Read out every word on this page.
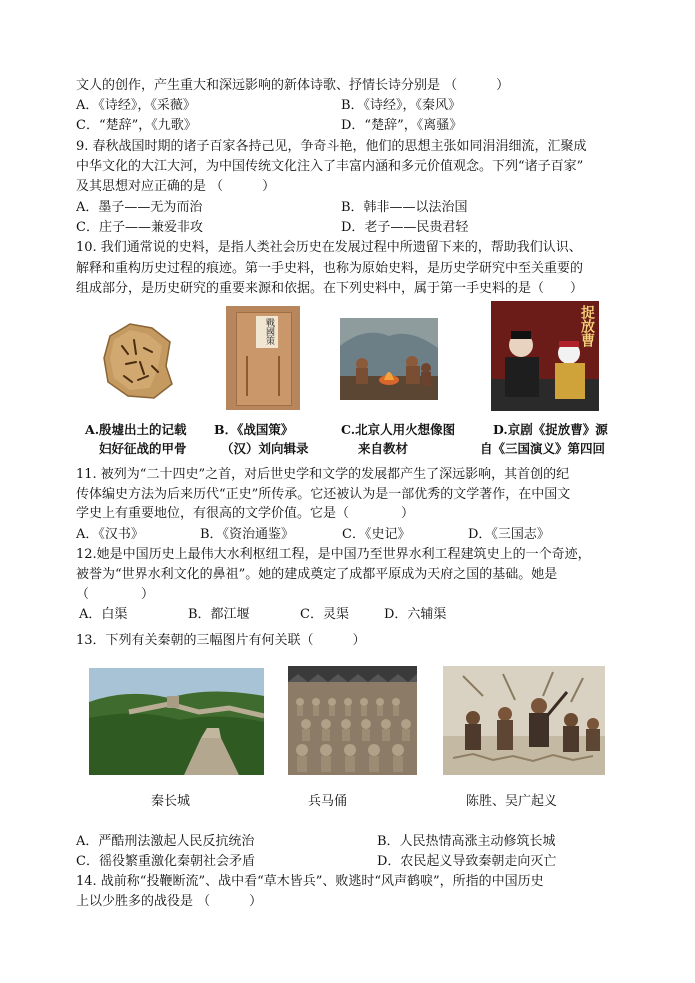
文人的创作，产生重大和深远影响的新体诗歌、抒情长诗分别是 （　　　）
A．《诗经》，《采薇》	B．《诗经》，《秦风》
C．“楚辞”，《九歌》	D．“楚辞”，《离骚》
9. 春秋战国时期的诸子百家各持己见，争奇斗艳，他们的思想主张如同涓涓细流，汇聚成
中华文化的大江大河，为中国传统文化注入了丰富内涵和多元价值观念。下列“诸子百家”
及其思想对应正确的是 （　　　）
A．墨子——无为而治	B．韩非——以法治国
C．庄子——兼爱非攻	D．老子——民贵君轻
10. 我们通常说的史料，是指人类社会历史在发展过程中所遗留下来的，帮助我们认识、
解释和重构历史过程的痕迹。第一手史料，也称为原始史料，是历史学研究中至关重要的
组成部分，是历史研究的重要来源和依据。在下列史料中，属于第一手史料的是（　　）
戰國策	捉放曹
A.殷墟出土的记载
妇好征战的甲骨
B．《战国策》
（汉）刘向辑录
C.北京人用火想像图
来自教材
D.京剧《捉放曹》源
自《三国演义》第四回
11. 被列为“二十四史”之首，对后世史学和文学的发展都产生了深远影响，其首创的纪
传体编史方法为后来历代“正史”所传承。它还被认为是一部优秀的文学著作，在中国文
学史上有重要地位，有很高的文学价值。它是（　　　　）
A．《汉书》	B．《资治通鉴》	C．《史记》	D．《三国志》
12.她是中国历史上最伟大水利枢纽工程，是中国乃至世界水利工程建筑史上的一个奇迹，
被誉为“世界水利文化的鼻祖”。她的建成奠定了成都平原成为天府之国的基础。她是
（　　　　）
A．白渠	B．都江堰	C．灵渠	D．六辅渠
13．下列有关秦朝的三幅图片有何关联（　　　）
秦长城	兵马俑	陈胜、吴广起义
A．严酷刑法激起人民反抗统治	B．人民热情高涨主动修筑长城
C．徭役繁重激化秦朝社会矛盾	D．农民起义导致秦朝走向灭亡
14. 战前称“投鞭断流”、战中看“草木皆兵”、败逃时“风声鹤唳”，所指的中国历史
上以少胜多的战役是 （　　　）
